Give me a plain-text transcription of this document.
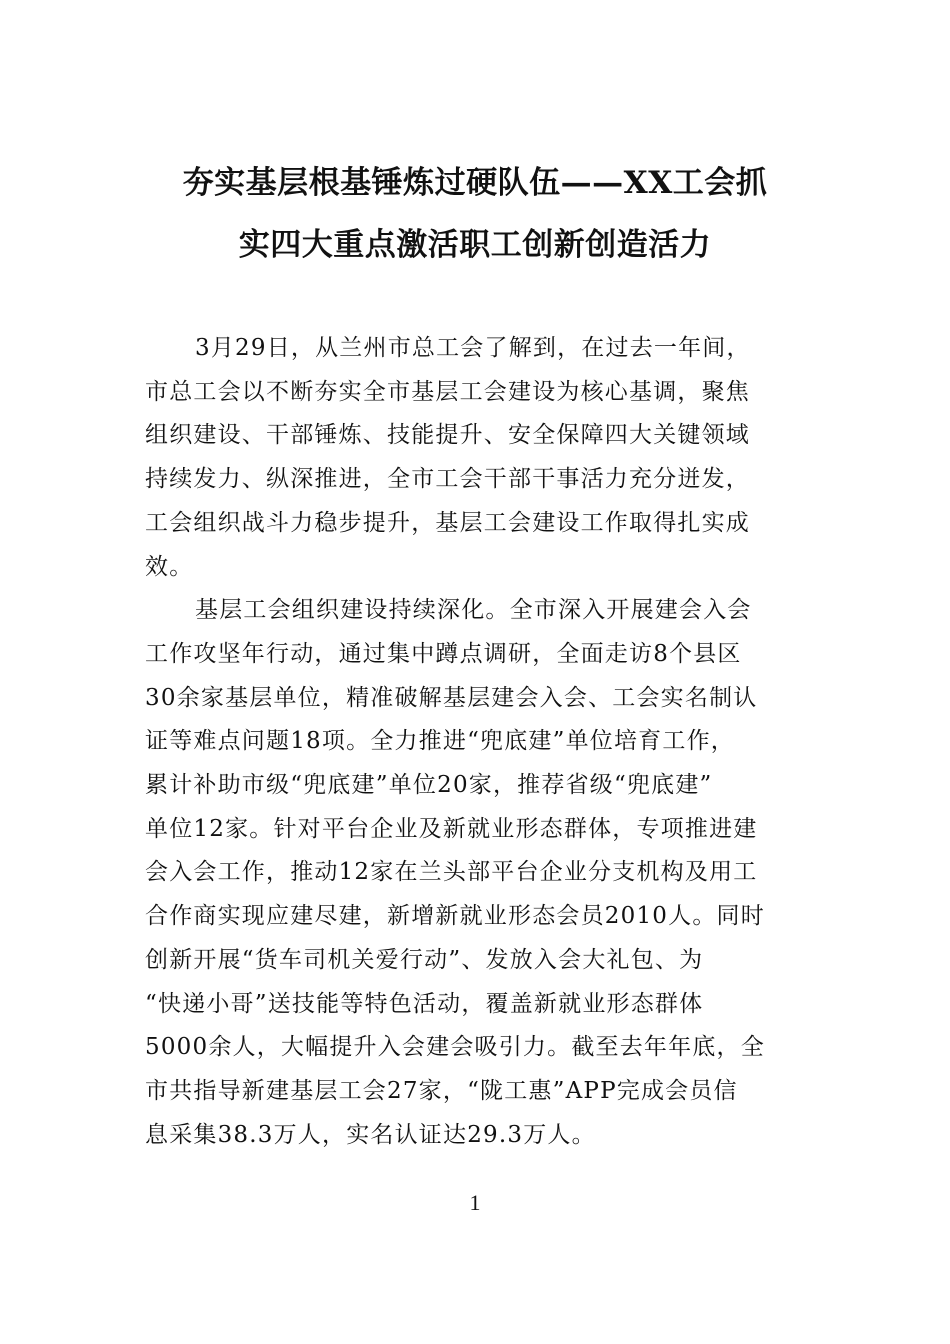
夯实基层根基锤炼过硬队伍——XX工会抓
实四大重点激活职工创新创造活力

3月29日，从兰州市总工会了解到，在过去一年间，
市总工会以不断夯实全市基层工会建设为核心基调，聚焦
组织建设、干部锤炼、技能提升、安全保障四大关键领域
持续发力、纵深推进，全市工会干部干事活力充分迸发，
工会组织战斗力稳步提升，基层工会建设工作取得扎实成
效。

基层工会组织建设持续深化。全市深入开展建会入会
工作攻坚年行动，通过集中蹲点调研，全面走访8个县区
30余家基层单位，精准破解基层建会入会、工会实名制认
证等难点问题18项。全力推进“兜底建”单位培育工作，
累计补助市级“兜底建”单位20家，推荐省级“兜底建”
单位12家。针对平台企业及新就业形态群体，专项推进建
会入会工作，推动12家在兰头部平台企业分支机构及用工
合作商实现应建尽建，新增新就业形态会员2010人。同时
创新开展“货车司机关爱行动”、发放入会大礼包、为
“快递小哥”送技能等特色活动，覆盖新就业形态群体
5000余人，大幅提升入会建会吸引力。截至去年年底，全
市共指导新建基层工会27家，“陇工惠”APP完成会员信
息采集38.3万人，实名认证达29.3万人。

1
